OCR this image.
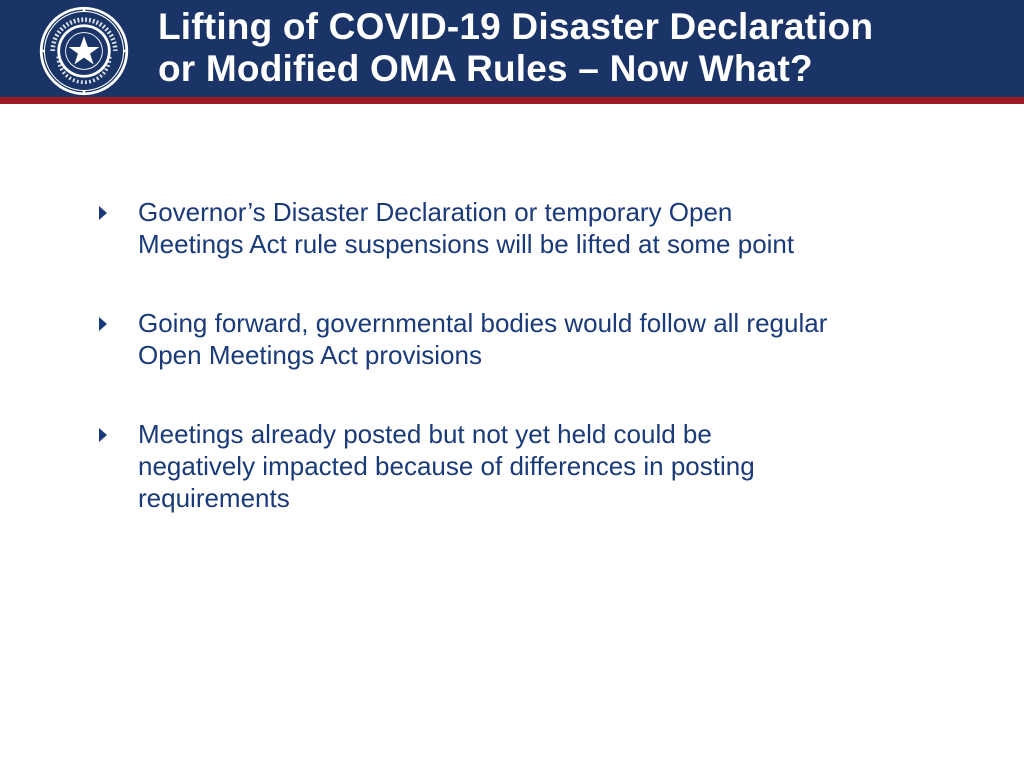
Lifting of COVID-19 Disaster Declaration
or Modified OMA Rules – Now What?
Governor’s Disaster Declaration or temporary Open
Meetings Act rule suspensions will be lifted at some point
Going forward, governmental bodies would follow all regular
Open Meetings Act provisions
Meetings already posted but not yet held could be
negatively impacted because of differences in posting
requirements
